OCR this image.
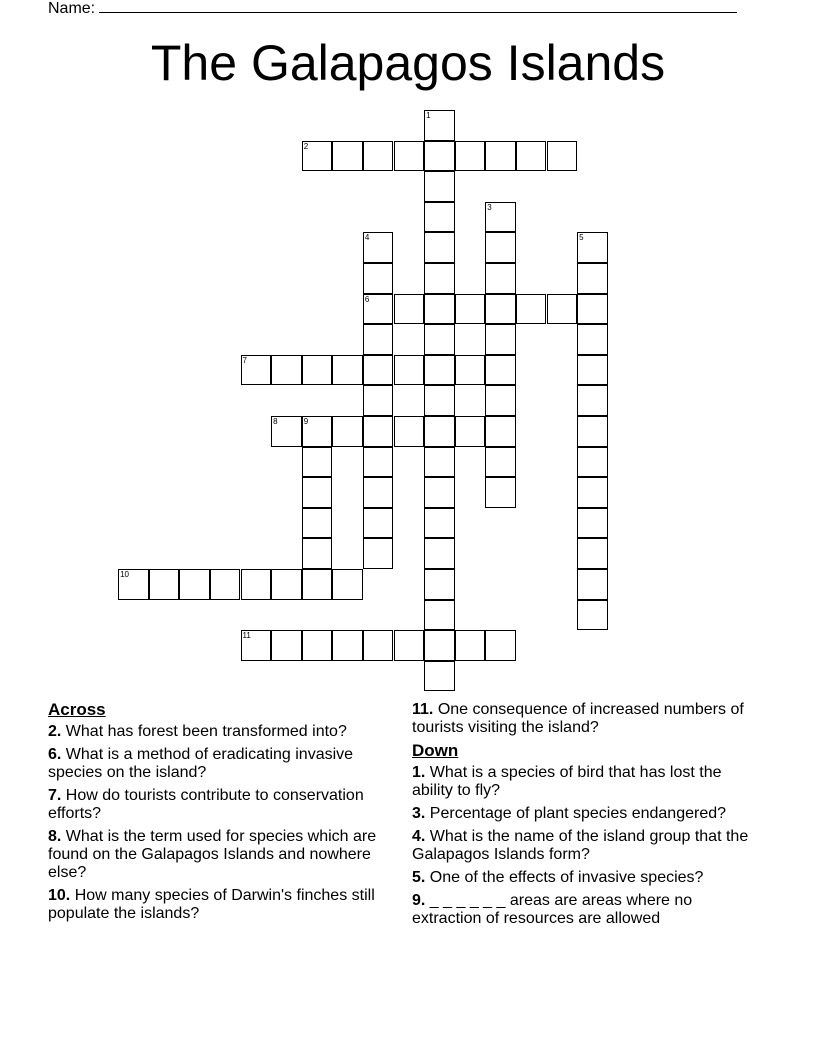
Name:
The Galapagos Islands
1
2
3
4
6
5
7
8	9
10
11
Across
2. What has forest been transformed into?
6. What is a method of eradicating invasive species on the island?
7. How do tourists contribute to conservation efforts?
8. What is the term used for species which are found on the Galapagos Islands and nowhere else?
10. How many species of Darwin's finches still populate the islands?
11. One consequence of increased numbers of tourists visiting the island?
Down
1. What is a species of bird that has lost the ability to fly?
3. Percentage of plant species endangered?
4. What is the name of the island group that the Galapagos Islands form?
5. One of the effects of invasive species?
9. _ _ _ _ _ _ areas are areas where no extraction of resources are allowed
